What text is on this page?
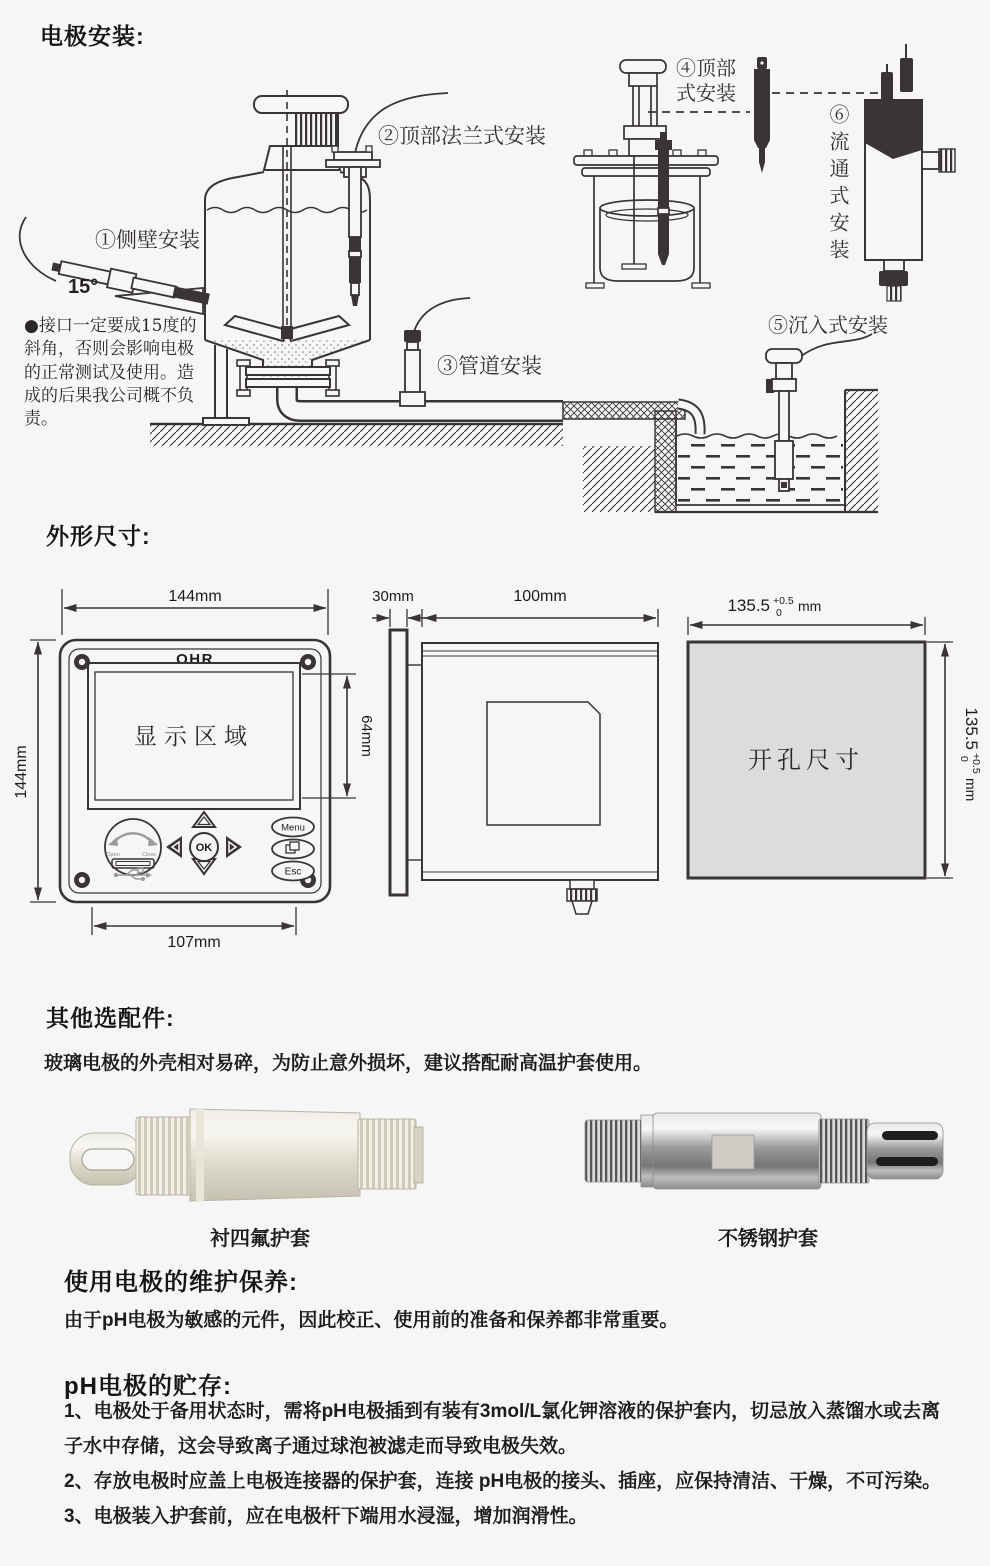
电极安装:
①侧壁安装
15°
②顶部法兰式安装
③管道安装
④顶部
式安装
⑤沉入式安装
⑥流通式安装
●接口一定要成15度的斜角，否则会影响电极的正常测试及使用。造成的后果我公司概不负责。
外形尺寸:
OHR
显示区域
Open	Close
OK
Menu
Esc
144mm
144mm
64mm
107mm
30mm	100mm
开孔尺寸
135.5 +0.5
0 mm
135.5
+0.5
0
mm
其他选配件:
玻璃电极的外壳相对易碎，为防止意外损坏，建议搭配耐高温护套使用。
衬四氟护套	不锈钢护套
使用电极的维护保养:
由于pH电极为敏感的元件，因此校正、使用前的准备和保养都非常重要。
pH电极的贮存:

1、电极处于备用状态时，需将pH电极插到有装有3mol/L氯化钾溶液的保护套内，切忌放入蒸馏水或去离子水中存储，这会导致离子通过球泡被滤走而导致电极失效。

2、存放电极时应盖上电极连接器的保护套，连接 pH电极的接头、插座，应保持清洁、干燥，不可污染。

3、电极装入护套前，应在电极杆下端用水浸湿，增加润滑性。
